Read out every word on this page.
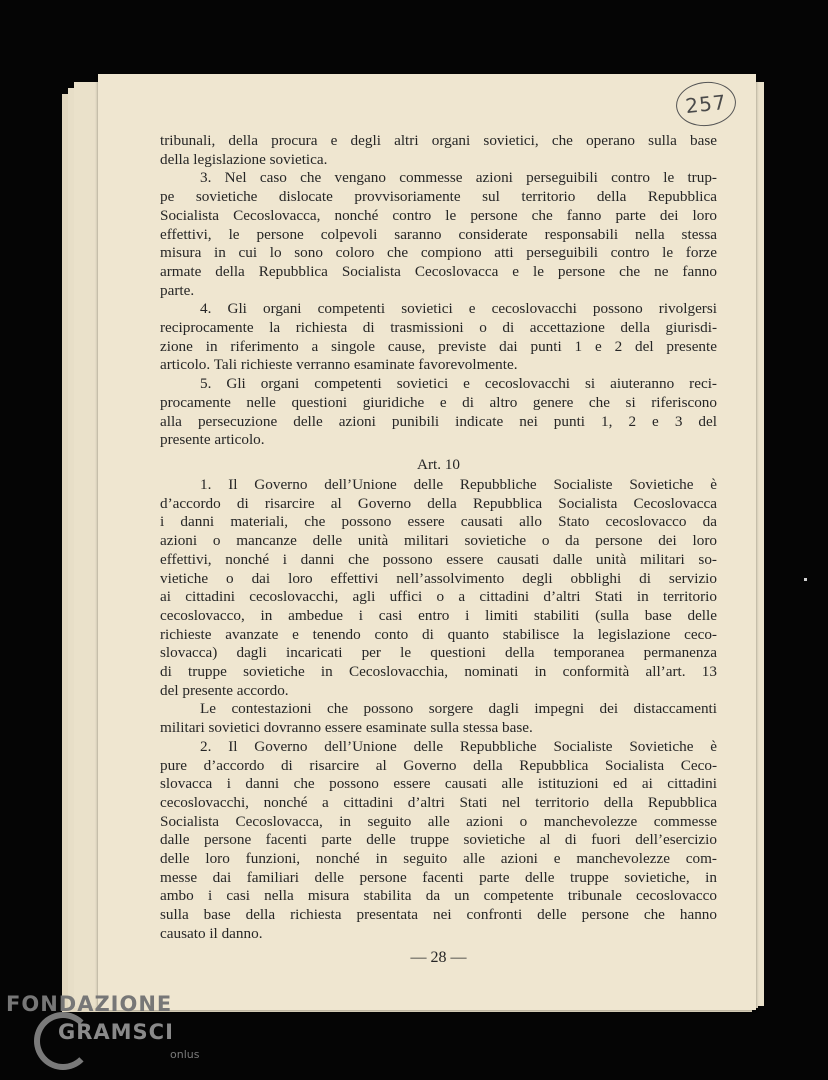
257
Art. 10
— 28 —
tribunali, della procura e degli altri organi sovietici, che operano sulla base
della legislazione sovietica.
3. Nel caso che vengano commesse azioni perseguibili contro le trup-
pe sovietiche dislocate provvisoriamente sul territorio della Repubblica
Socialista Cecoslovacca, nonché contro le persone che fanno parte dei loro
effettivi, le persone colpevoli saranno considerate responsabili nella stessa
misura in cui lo sono coloro che compiono atti perseguibili contro le forze
armate della Repubblica Socialista Cecoslovacca e le persone che ne fanno
parte.
4. Gli organi competenti sovietici e cecoslovacchi possono rivolgersi
reciprocamente la richiesta di trasmissioni o di accettazione della giurisdi-
zione in riferimento a singole cause, previste dai punti 1 e 2 del presente
articolo. Tali richieste verranno esaminate favorevolmente.
5. Gli organi competenti sovietici e cecoslovacchi si aiuteranno reci-
procamente nelle questioni giuridiche e di altro genere che si riferiscono
alla persecuzione delle azioni punibili indicate nei punti 1, 2 e 3 del
presente articolo.
1. Il Governo dell’Unione delle Repubbliche Socialiste Sovietiche è
d’accordo di risarcire al Governo della Repubblica Socialista Cecoslovacca
i danni materiali, che possono essere causati allo Stato cecoslovacco da
azioni o mancanze delle unità militari sovietiche o da persone dei loro
effettivi, nonché i danni che possono essere causati dalle unità militari so-
vietiche o dai loro effettivi nell’assolvimento degli obblighi di servizio
ai cittadini cecoslovacchi, agli uffici o a cittadini d’altri Stati in territorio
cecoslovacco, in ambedue i casi entro i limiti stabiliti (sulla base delle
richieste avanzate e tenendo conto di quanto stabilisce la legislazione ceco-
slovacca) dagli incaricati per le questioni della temporanea permanenza
di truppe sovietiche in Cecoslovacchia, nominati in conformità all’art. 13
del presente accordo.
Le contestazioni che possono sorgere dagli impegni dei distaccamenti
militari sovietici dovranno essere esaminate sulla stessa base.
2. Il Governo dell’Unione delle Repubbliche Socialiste Sovietiche è
pure d’accordo di risarcire al Governo della Repubblica Socialista Ceco-
slovacca i danni che possono essere causati alle istituzioni ed ai cittadini
cecoslovacchi, nonché a cittadini d’altri Stati nel territorio della Repubblica
Socialista Cecoslovacca, in seguito alle azioni o manchevolezze commesse
dalle persone facenti parte delle truppe sovietiche al di fuori dell’esercizio
delle loro funzioni, nonché in seguito alle azioni e manchevolezze com-
messe dai familiari delle persone facenti parte delle truppe sovietiche, in
ambo i casi nella misura stabilita da un competente tribunale cecoslovacco
sulla base della richiesta presentata nei confronti delle persone che hanno
causato il danno.
FONDAZIONE
GRAMSCI
onlus
